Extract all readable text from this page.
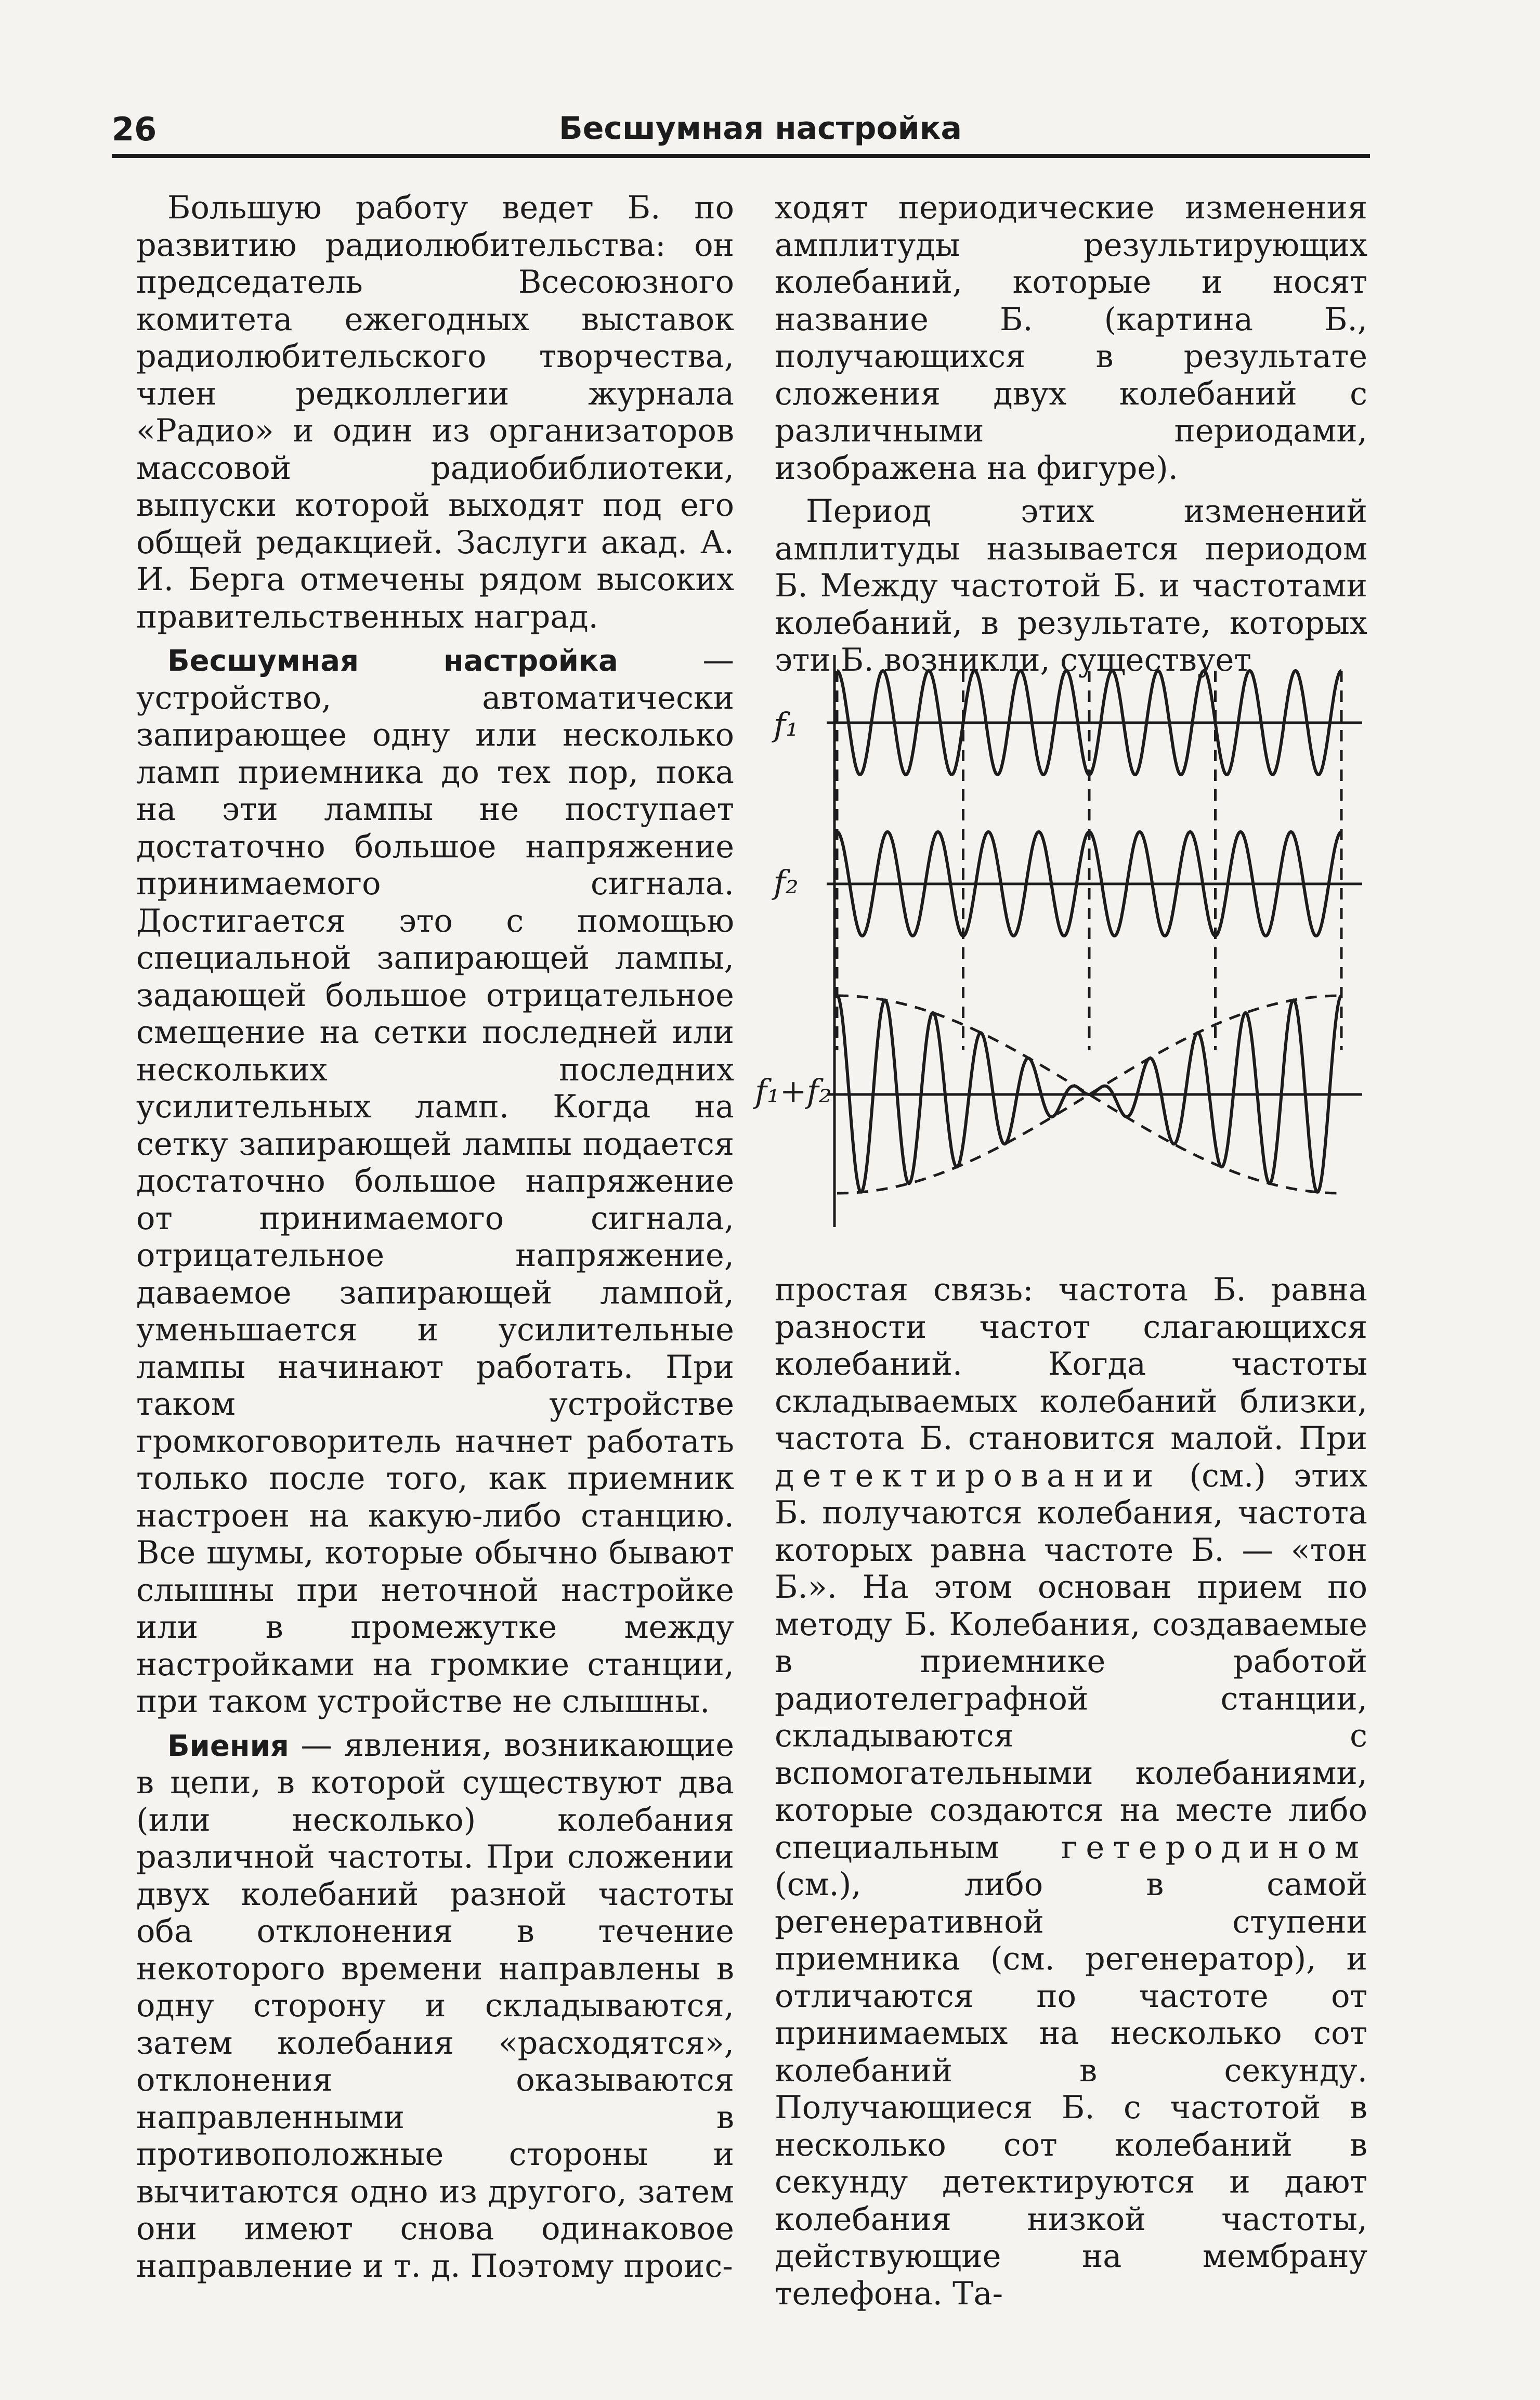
26	Бесшумная настройка

Большую работу ведет Б. по развитию радиолюбительства: он председатель Всесоюзного комитета ежегодных выставок радиолюбительского творчества, член редколлегии журнала «Радио» и один из организаторов массовой радиобиблиотеки, выпуски которой выходят под его общей редакцией. Заслуги акад. А. И. Берга отмечены рядом высоких правительственных наград.

Бесшумная настройка — устройство, автоматически запирающее одну или несколько ламп приемника до тех пор, пока на эти лампы не поступает достаточно большое напряжение принимаемого сигнала. Достигается это с помощью специальной запирающей лампы, задающей большое отрицательное смещение на сетки последней или нескольких последних усилительных ламп. Когда на сетку запирающей лампы подается достаточно большое напряжение от принимаемого сигнала, отрицательное напряжение, даваемое запирающей лампой, уменьшается и усилительные лампы начинают работать. При таком устройстве громкоговоритель начнет работать только после того, как приемник настроен на какую-либо станцию. Все шумы, которые обычно бывают слышны при неточной настройке или в промежутке между настройками на громкие станции, при таком устройстве не слышны.

Биения — явления, возникающие в цепи, в которой существуют два (или несколько) колебания различной частоты. При сложении двух колебаний разной частоты оба отклонения в течение некоторого времени направлены в одну сторону и складываются, затем колебания «расходятся», отклонения оказываются направленными в противоположные стороны и вычитаются одно из другого, затем они имеют снова одинаковое направление и т. д. Поэтому проис-

ходят периодические изменения амплитуды результирующих колебаний, которые и носят название Б. (картина Б., получающихся в результате сложения двух колебаний с различными периодами, изображена на фигуре).

Период этих изменений амплитуды называется периодом Б. Между частотой Б. и частотами колебаний, в результате, которых эти Б. возникли, существует

f₁
f₂
f₁+f₂

простая связь: частота Б. равна разности частот слагающихся колебаний. Когда частоты складываемых колебаний близки, частота Б. становится малой. При детектировании (см.) этих Б. получаются колебания, частота которых равна частоте Б. — «тон Б.». На этом основан прием по методу Б. Колебания, создаваемые в приемнике работой радиотелеграфной станции, складываются с вспомогательными колебаниями, которые создаются на месте либо специальным гетеродином (см.), либо в самой регенеративной ступени приемника (см. регенератор), и отличаются по частоте от принимаемых на несколько сот колебаний в секунду. Получающиеся Б. с частотой в несколько сот колебаний в секунду детектируются и дают колебания низкой частоты, действующие на мембрану телефона. Та-
